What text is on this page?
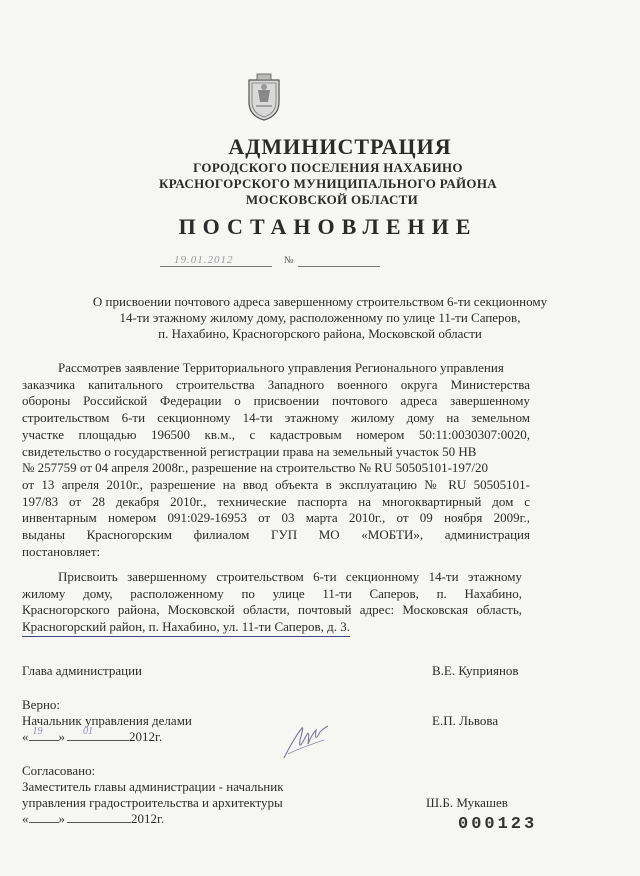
АДМИНИСТРАЦИЯ
ГОРОДСКОГО ПОСЕЛЕНИЯ НАХАБИНО
КРАСНОГОРСКОГО МУНИЦИПАЛЬНОГО РАЙОНА
МОСКОВСКОЙ ОБЛАСТИ
ПОСТАНОВЛЕНИЕ
19.01.2012	№
О присвоении почтового адреса завершенному строительством 6-ти секционному
14-ти этажному жилому дому, расположенному по улице 11-ти Саперов,
п. Нахабино, Красногорского района, Московской области
Рассмотрев заявление Территориального управления Регионального управления
заказчика капитального строительства Западного военного округа Министерства
обороны Российской Федерации о присвоении почтового адреса завершенному
строительством 6-ти секционному 14-ти этажному жилому дому на земельном
участке площадью 196500 кв.м., с кадастровым номером 50:11:0030307:0020,
свидетельство о государственной регистрации права на земельный участок 50 НВ
№ 257759 от 04 апреля 2008г., разрешение на строительство № RU 50505101-197/20
от 13 апреля 2010г., разрешение на ввод объекта в эксплуатацию № RU 50505101-
197/83 от 28 декабря 2010г., технические паспорта на многоквартирный дом с
инвентарным номером 091:029-16953 от 03 марта 2010г., от 09 ноября 2009г.,
выданы Красногорским филиалом ГУП МО «МОБТИ», администрация
постановляет:
Присвоить завершенному строительством 6-ти секционному 14-ти этажному
жилому дому, расположенному по улице 11-ти Саперов, п. Нахабино,
Красногорского района, Московской области, почтовый адрес: Московская область,
Красногорский район, п. Нахабино, ул. 11-ти Саперов, д. 3.
Глава администрации	В.Е. Куприянов
Верно:
Начальник управления делами	Е.П. Львова
« 19 » 01	2012г.
Согласовано:
Заместитель главы администрации - начальник
управления градостроительства и архитектуры	Ш.Б. Мукашев
« »	2012г.	000123
